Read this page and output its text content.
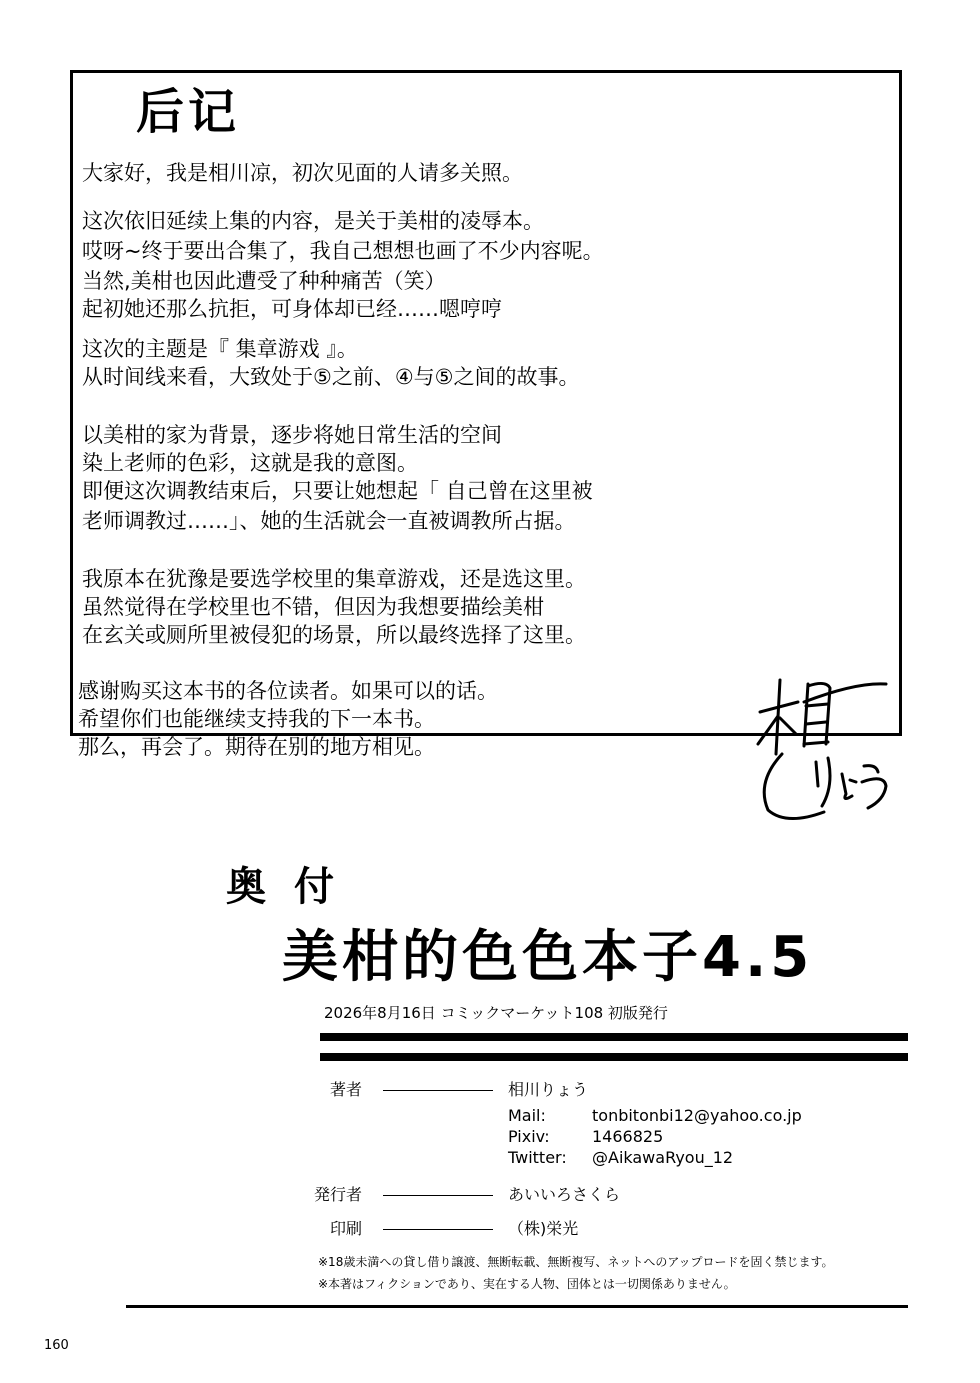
后记
大家好，我是相川凉，初次见面的人请多关照。
这次依旧延续上集的内容，是关于美柑的凌辱本。
哎呀~终于要出合集了，我自己想想也画了不少内容呢。
当然,美柑也因此遭受了种种痛苦（笑）
起初她还那么抗拒，可身体却已经……嗯哼哼
这次的主题是『 集章游戏 』。
从时间线来看，大致处于⑤之前、④与⑤之间的故事。
以美柑的家为背景，逐步将她日常生活的空间
染上老师的色彩，这就是我的意图。
即便这次调教结束后，只要让她想起「 自己曾在这里被
老师调教过……」、她的生活就会一直被调教所占据。
我原本在犹豫是要选学校里的集章游戏，还是选这里。
虽然觉得在学校里也不错，但因为我想要描绘美柑
在玄关或厕所里被侵犯的场景，所以最终选择了这里。
感谢购买这本书的各位读者。如果可以的话。
希望你们也能继续支持我的下一本书。
那么，再会了。期待在别的地方相见。
奥付
美柑的色色本子4.5
2026年8月16日 コミックマーケット108 初版発行
著者	相川りょう
Mail:	tonbitonbi12@yahoo.co.jp
Pixiv:	1466825
Twitter: @AikawaRyou_12
発行者	あいいろさくら
印刷	（株)栄光
※18歳未満への貸し借り譲渡、無断転載、無断複写、ネットへのアップロードを固く禁じます。
※本著はフィクションであり、実在する人物、団体とは一切関係ありません。
160
